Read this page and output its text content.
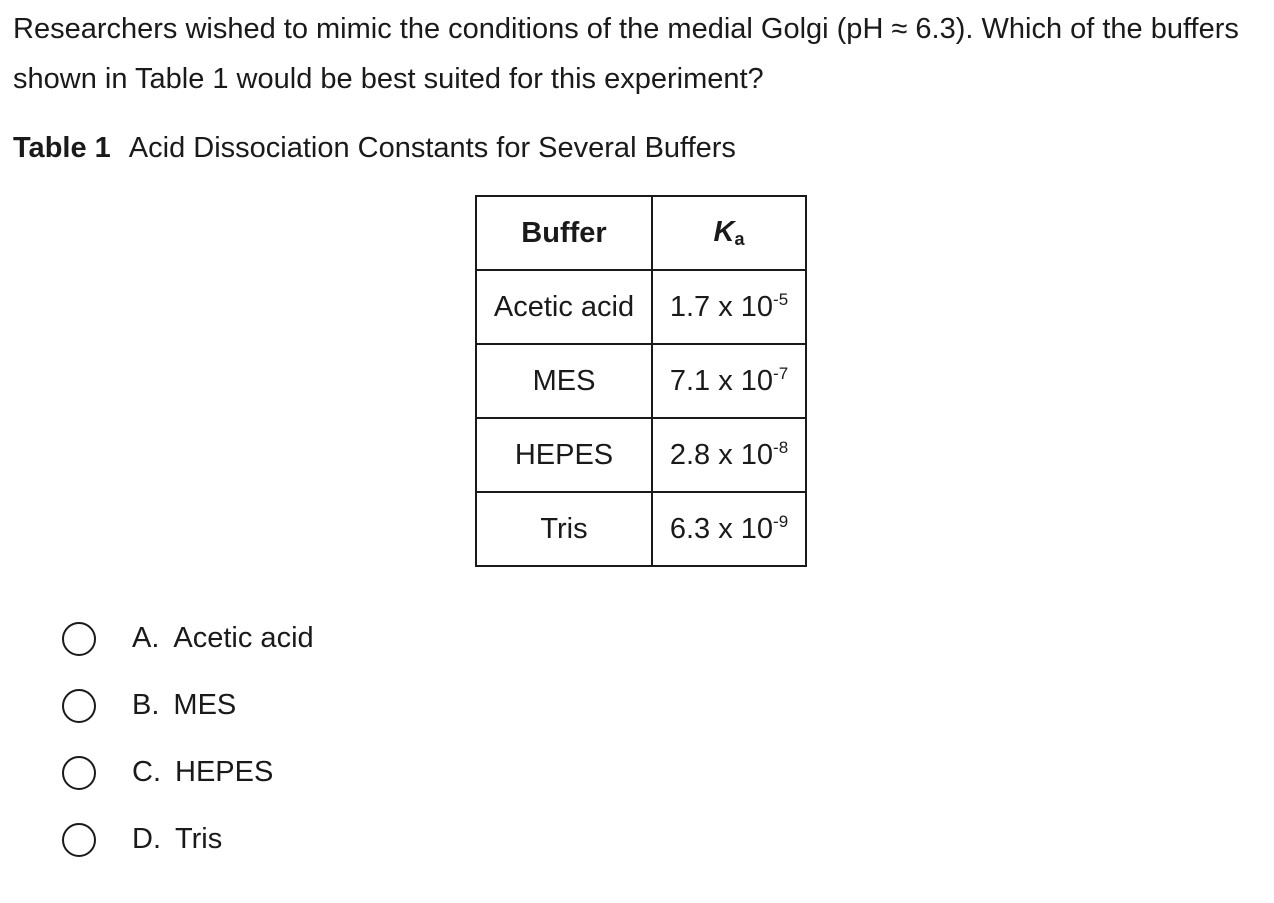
Researchers wished to mimic the conditions of the medial Golgi (pH ≈ 6.3). Which of the buffers shown in Table 1 would be best suited for this experiment?

Table 1 Acid Dissociation Constants for Several Buffers

Buffer	$K_a$
Acetic acid	1.7 x $10^{-5}$
MES	7.1 x $10^{-7}$
HEPES	2.8 x $10^{-8}$
Tris	6.3 x $10^{-9}$
A. Acetic acid
B. MES
C. HEPES
D. Tris
